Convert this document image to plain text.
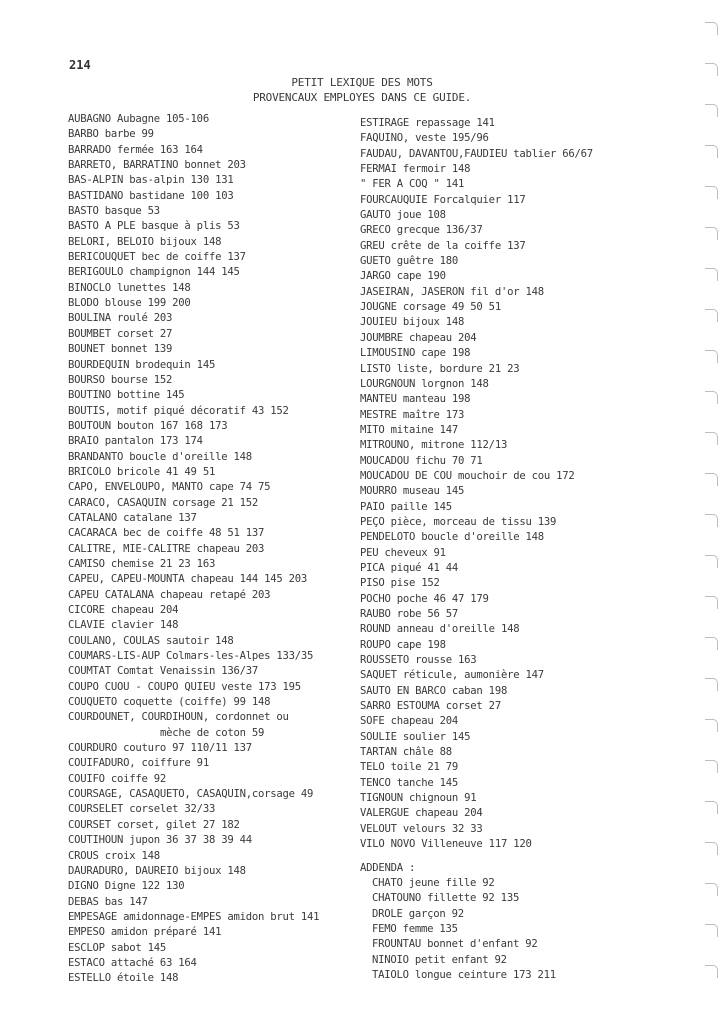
214
PETIT LEXIQUE DES MOTS
PROVENCAUX EMPLOYES DANS CE GUIDE.
AUBAGNO Aubagne 105-106
BARBO barbe 99
BARRADO fermée 163 164
BARRETO, BARRATINO bonnet 203
BAS-ALPIN bas-alpin 130 131
BASTIDANO bastidane 100 103
BASTO basque 53
BASTO A PLE basque à plis 53
BELORI, BELOIO bijoux 148
BERICOUQUET bec de coiffe 137
BERIGOULO champignon 144 145
BINOCLO lunettes 148
BLODO blouse 199 200
BOULINA roulé 203
BOUMBET corset 27
BOUNET bonnet 139
BOURDEQUIN brodequin 145
BOURSO bourse 152
BOUTINO bottine 145
BOUTIS, motif piqué décoratif 43 152
BOUTOUN bouton 167 168 173
BRAIO pantalon 173 174
BRANDANTO boucle d'oreille 148
BRICOLO bricole 41 49 51
CAPO, ENVELOUPO, MANTO cape 74 75
CARACO, CASAQUIN corsage 21 152
CATALANO catalane 137
CACARACA bec de coiffe 48 51 137
CALITRE, MIE-CALITRE chapeau 203
CAMISO chemise 21 23 163
CAPEU, CAPEU-MOUNTA chapeau 144 145 203
CAPEU CATALANA chapeau retapé 203
CICORE chapeau 204
CLAVIE clavier 148
COULANO, COULAS sautoir 148
COUMARS-LIS-AUP Colmars-les-Alpes 133/35
COUMTAT Comtat Venaissin 136/37
COUPO CUOU - COUPO QUIEU veste 173 195
COUQUETO coquette (coiffe) 99 148
COURDOUNET, COURDIHOUN, cordonnet ou
mèche de coton 59
COURDURO couturo 97 110/11 137
COUIFADURO, coiffure 91
COUIFO coiffe 92
COURSAGE, CASAQUETO, CASAQUIN,corsage 49
COURSELET corselet 32/33
COURSET corset, gilet 27 182
COUTIHOUN jupon 36 37 38 39 44
CROUS croix 148
DAURADURO, DAUREIO bijoux 148
DIGNO Digne 122 130
DEBAS bas 147
EMPESAGE amidonnage-EMPES amidon brut 141
EMPESO amidon préparé 141
ESCLOP sabot 145
ESTACO attaché 63 164
ESTELLO étoile 148
ESTIRAGE repassage 141
FAQUINO, veste 195/96
FAUDAU, DAVANTOU,FAUDIEU tablier 66/67
FERMAI fermoir 148
" FER A COQ " 141
FOURCAUQUIE Forcalquier 117
GAUTO joue 108
GRECO grecque 136/37
GREU crête de la coiffe 137
GUETO guêtre 180
JARGO cape 190
JASEIRAN, JASERON fil d'or 148
JOUGNE corsage 49 50 51
JOUIEU bijoux 148
JOUMBRE chapeau 204
LIMOUSINO cape 198
LISTO liste, bordure 21 23
LOURGNOUN lorgnon 148
MANTEU manteau 198
MESTRE maître 173
MITO mitaine 147
MITROUNO, mitrone 112/13
MOUCADOU fichu 70 71
MOUCADOU DE COU mouchoir de cou 172
MOURRO museau 145
PAIO paille 145
PEÇO pièce, morceau de tissu 139
PENDELOTO boucle d'oreille 148
PEU cheveux 91
PICA piqué 41 44
PISO pise 152
POCHO poche 46 47 179
RAUBO robe 56 57
ROUND anneau d'oreille 148
ROUPO cape 198
ROUSSETO rousse 163
SAQUET réticule, aumonière 147
SAUTO EN BARCO caban 198
SARRO ESTOUMA corset 27
SOFE chapeau 204
SOULIE soulier 145
TARTAN châle 88
TELO toile 21 79
TENCO tanche 145
TIGNOUN chignoun 91
VALERGUE chapeau 204
VELOUT velours 32 33
VILO NOVO Villeneuve 117 120
ADDENDA :
CHATO jeune fille 92
CHATOUNO fillette 92 135
DROLE garçon 92
FEMO femme 135
FROUNTAU bonnet d'enfant 92
NINOIO petit enfant 92
TAIOLO longue ceinture 173 211
